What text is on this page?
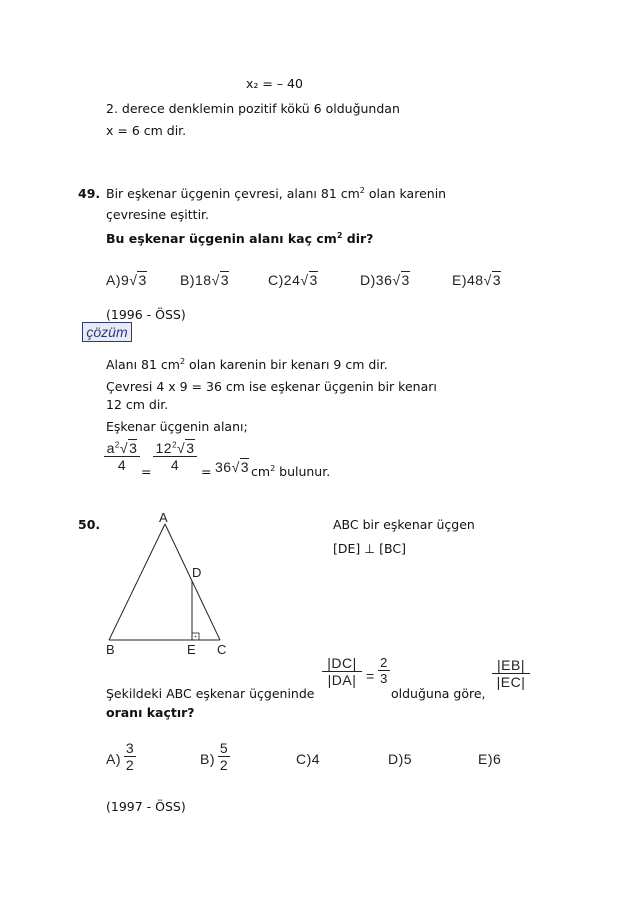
x₂ = – 40
2. derece denklemin pozitif kökü 6 olduğundan
x = 6 cm dir.
49. Bir eşkenar üçgenin çevresi, alanı 81 $cm^2$ olan karenin
çevresine eşittir.
Bu eşkenar üçgenin alanı kaç $cm^2$ dir?
A)9√3 B)18√3	C)24√3	D)36√3	E)48√3
(1996 - ÖSS)
çözüm
Alanı 81 $cm^2$ olan karenin bir kenarı 9 cm dir.
Çevresi 4 x 9 = 36 cm ise eşkenar üçgenin bir kenarı
12 cm dir.
Eşkenar üçgenin alanı;
$\frac{a^2√3}{4} = \frac{12^2√3}{4} = 36√3$ $cm^2$ bulunur.
50.	ABC bir eşkenar üçgen
[DE] ⊥ [BC]
A
D
B	E C
Şekildeki ABC eşkenar üçgeninde
$\frac{|DC|}{|DA|} = \frac{2}{3}$
olduğuna göre,
$\frac{|EB|}{|EC|}$
oranı kaçtır?
$A) \frac{3}{2}$	$B) \frac{5}{2}$	C)4	D)5	E)6
(1997 - ÖSS)
